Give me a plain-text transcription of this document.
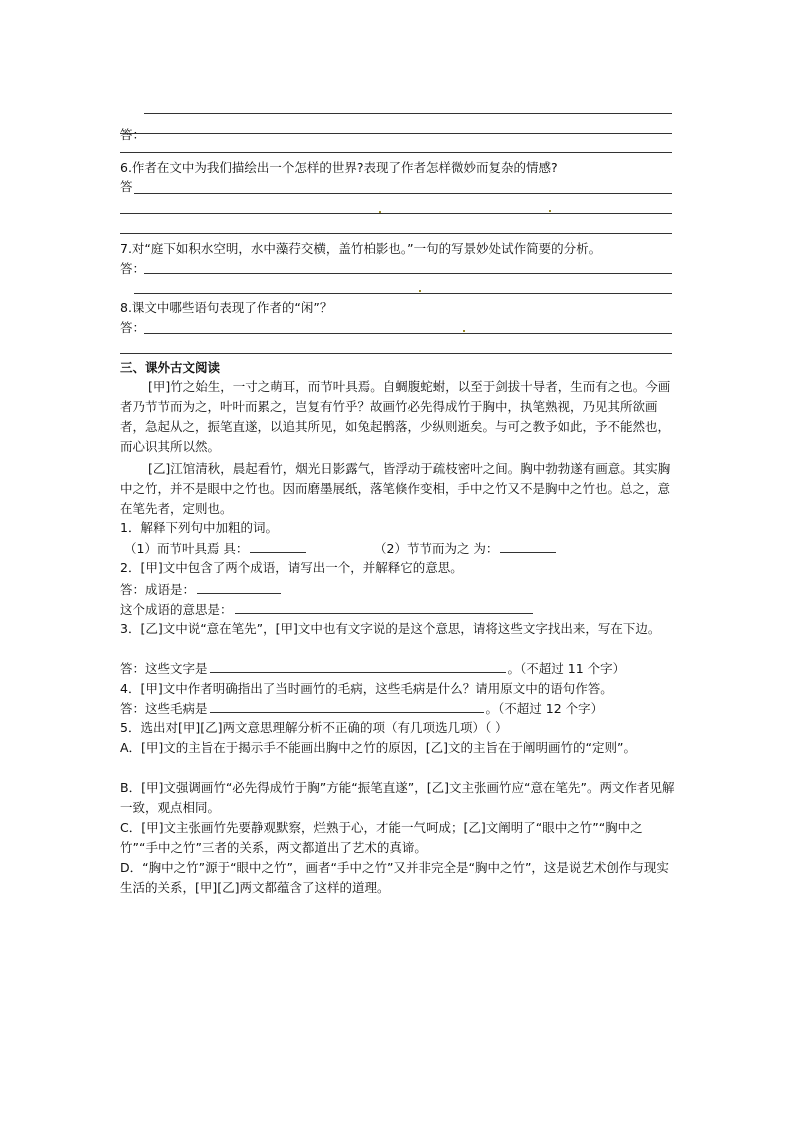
答：
6.作者在文中为我们描绘出一个怎样的世界?表现了作者怎样微妙而复杂的情感?
答
7.对“庭下如积水空明，水中藻荇交横，盖竹柏影也。”一句的写景妙处试作简要的分析。
答：
8.课文中哪些语句表现了作者的“闲”？
答：
三、课外古文阅读
[甲]竹之始生，一寸之萌耳，而节叶具焉。自蜩腹蛇蚹，以至于剑拔十导者，生而有之也。今画者乃节节而为之，叶叶而累之，岂复有竹乎？故画竹必先得成竹于胸中，执笔熟视，乃见其所欲画者，急起从之，振笔直遂，以追其所见，如兔起鹘落，少纵则逝矣。与可之教予如此，予不能然也，而心识其所以然。
[乙]江馆清秋，晨起看竹，烟光日影露气，皆浮动于疏枝密叶之间。胸中勃勃遂有画意。其实胸中之竹，并不是眼中之竹也。因而磨墨展纸，落笔倏作变相，手中之竹又不是胸中之竹也。总之，意在笔先者，定则也。
1．解释下列句中加粗的词。
（1）而节叶具焉 具：	（2）节节而为之 为：
2．[甲]文中包含了两个成语，请写出一个，并解释它的意思。
答：成语是：
这个成语的意思是：
3．[乙]文中说“意在笔先”，[甲]文中也有文字说的是这个意思，请将这些文字找出来，写在下边。
答：这些文字是	。（不超过 11 个字）
4．[甲]文中作者明确指出了当时画竹的毛病，这些毛病是什么？请用原文中的语句作答。
答：这些毛病是	。（不超过 12 个字）
5．选出对[甲][乙]两文意思理解分析不正确的项（有几项选几项）（ ）
A．[甲]文的主旨在于揭示手不能画出胸中之竹的原因，[乙]文的主旨在于阐明画竹的“定则”。
B．[甲]文强调画竹“必先得成竹于胸”方能“振笔直遂”，[乙]文主张画竹应“意在笔先”。两文作者见解一致，观点相同。
C．[甲]文主张画竹先要静观默察，烂熟于心，才能一气呵成；[乙]文阐明了“眼中之竹”“胸中之竹”“手中之竹”三者的关系，两文都道出了艺术的真谛。
D．“胸中之竹”源于“眼中之竹”，画者“手中之竹”又并非完全是“胸中之竹”，这是说艺术创作与现实生活的关系，[甲][乙]两文都蕴含了这样的道理。
